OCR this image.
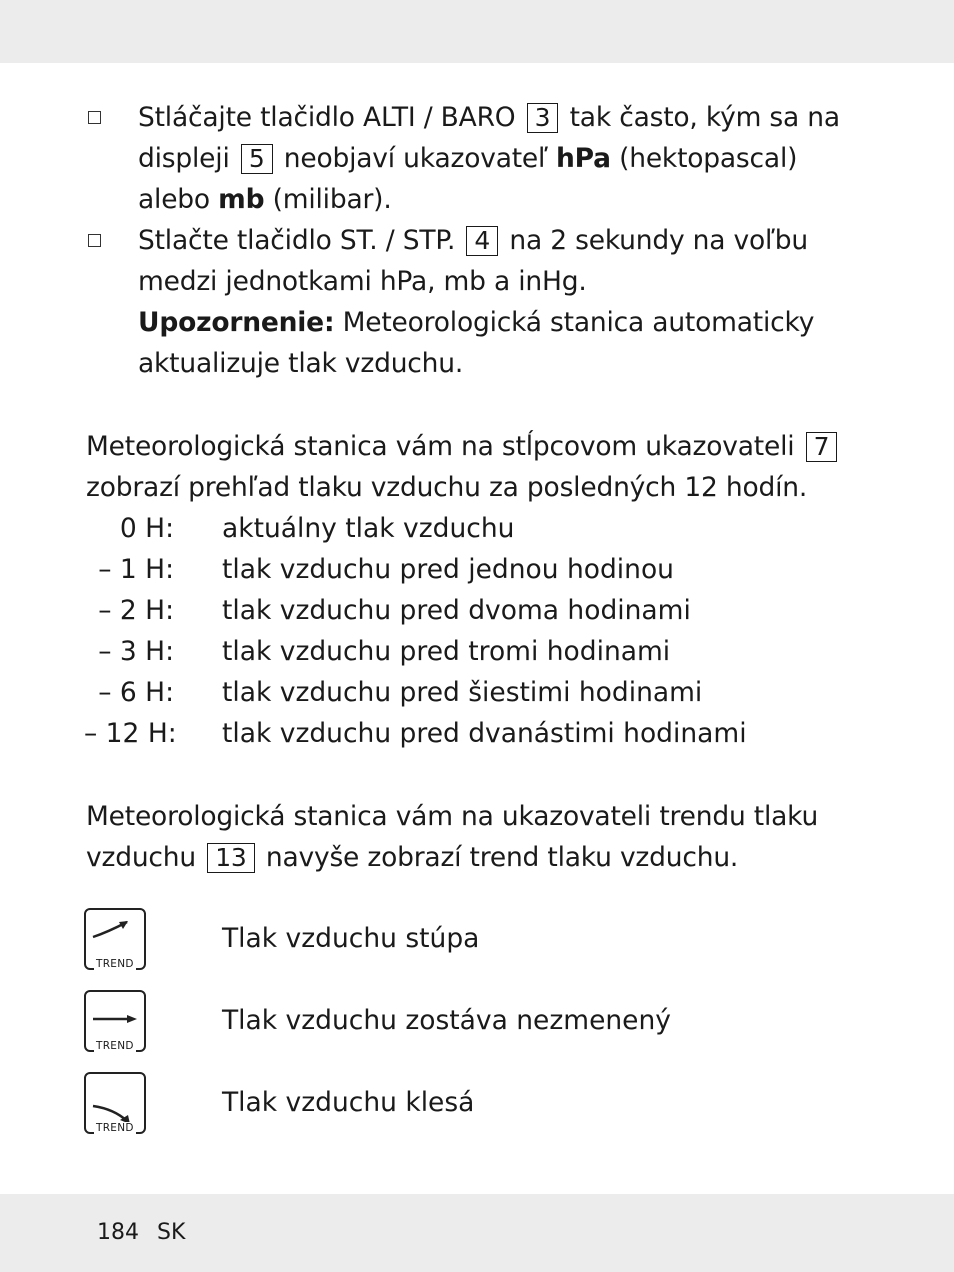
Stláčajte tlačidlo ALTI / BARO 3 tak často, kým sa na
displeji 5 neobjaví ukazovateľ hPa (hektopascal)
alebo mb (milibar).
Stlačte tlačidlo ST. / STP. 4 na 2 sekundy na voľbu
medzi jednotkami hPa, mb a inHg.
Upozornenie: Meteorologická stanica automaticky
aktualizuje tlak vzduchu.
Meteorologická stanica vám na stĺpcovom ukazovateli 7
zobrazí prehľad tlaku vzduchu za posledných 12 hodín.
0 H: aktuálny tlak vzduchu
– 1 H: tlak vzduchu pred jednou hodinou
– 2 H: tlak vzduchu pred dvoma hodinami
– 3 H: tlak vzduchu pred tromi hodinami
– 6 H: tlak vzduchu pred šiestimi hodinami
– 12 H: tlak vzduchu pred dvanástimi hodinami
Meteorologická stanica vám na ukazovateli trendu tlaku
vzduchu 13 navyše zobrazí trend tlaku vzduchu.
TREND
Tlak vzduchu stúpa
TREND
Tlak vzduchu zostáva nezmenený
TREND
Tlak vzduchu klesá
184 SK
